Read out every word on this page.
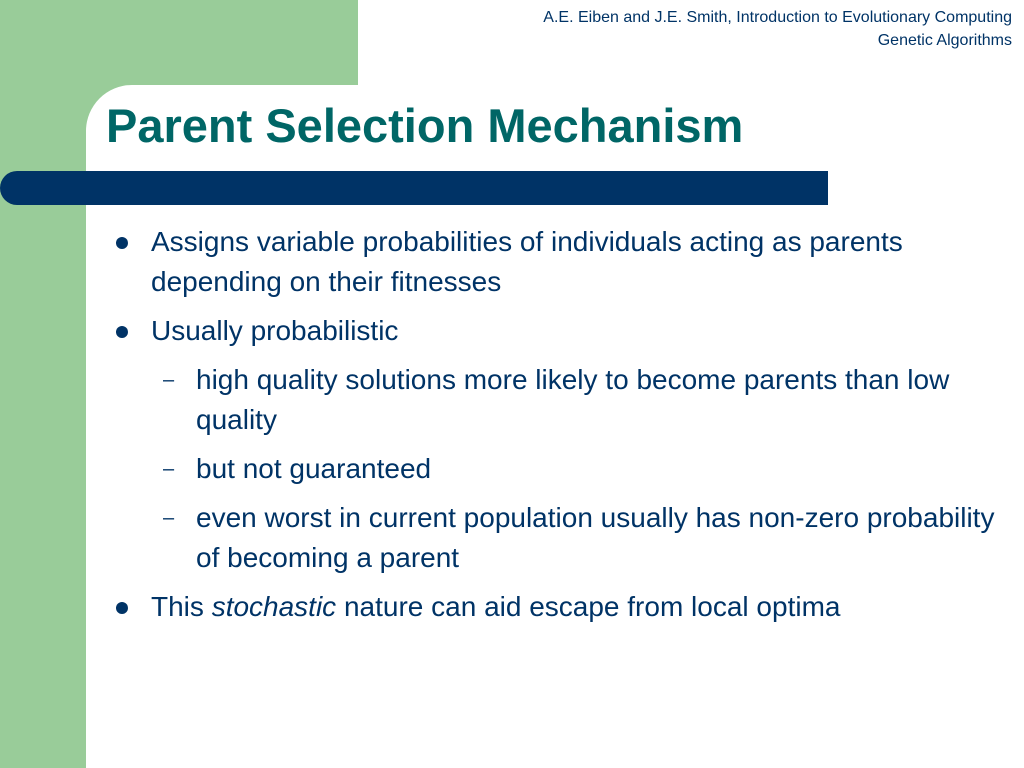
A.E. Eiben and J.E. Smith, Introduction to Evolutionary Computing
Genetic Algorithms
Parent Selection Mechanism
Assigns variable probabilities of individuals acting as parents depending on their fitnesses
Usually probabilistic
– high quality solutions more likely to become parents than low quality
– but not guaranteed
– even worst in current population usually has non-zero probability of becoming a parent
This stochastic nature can aid escape from local optima
